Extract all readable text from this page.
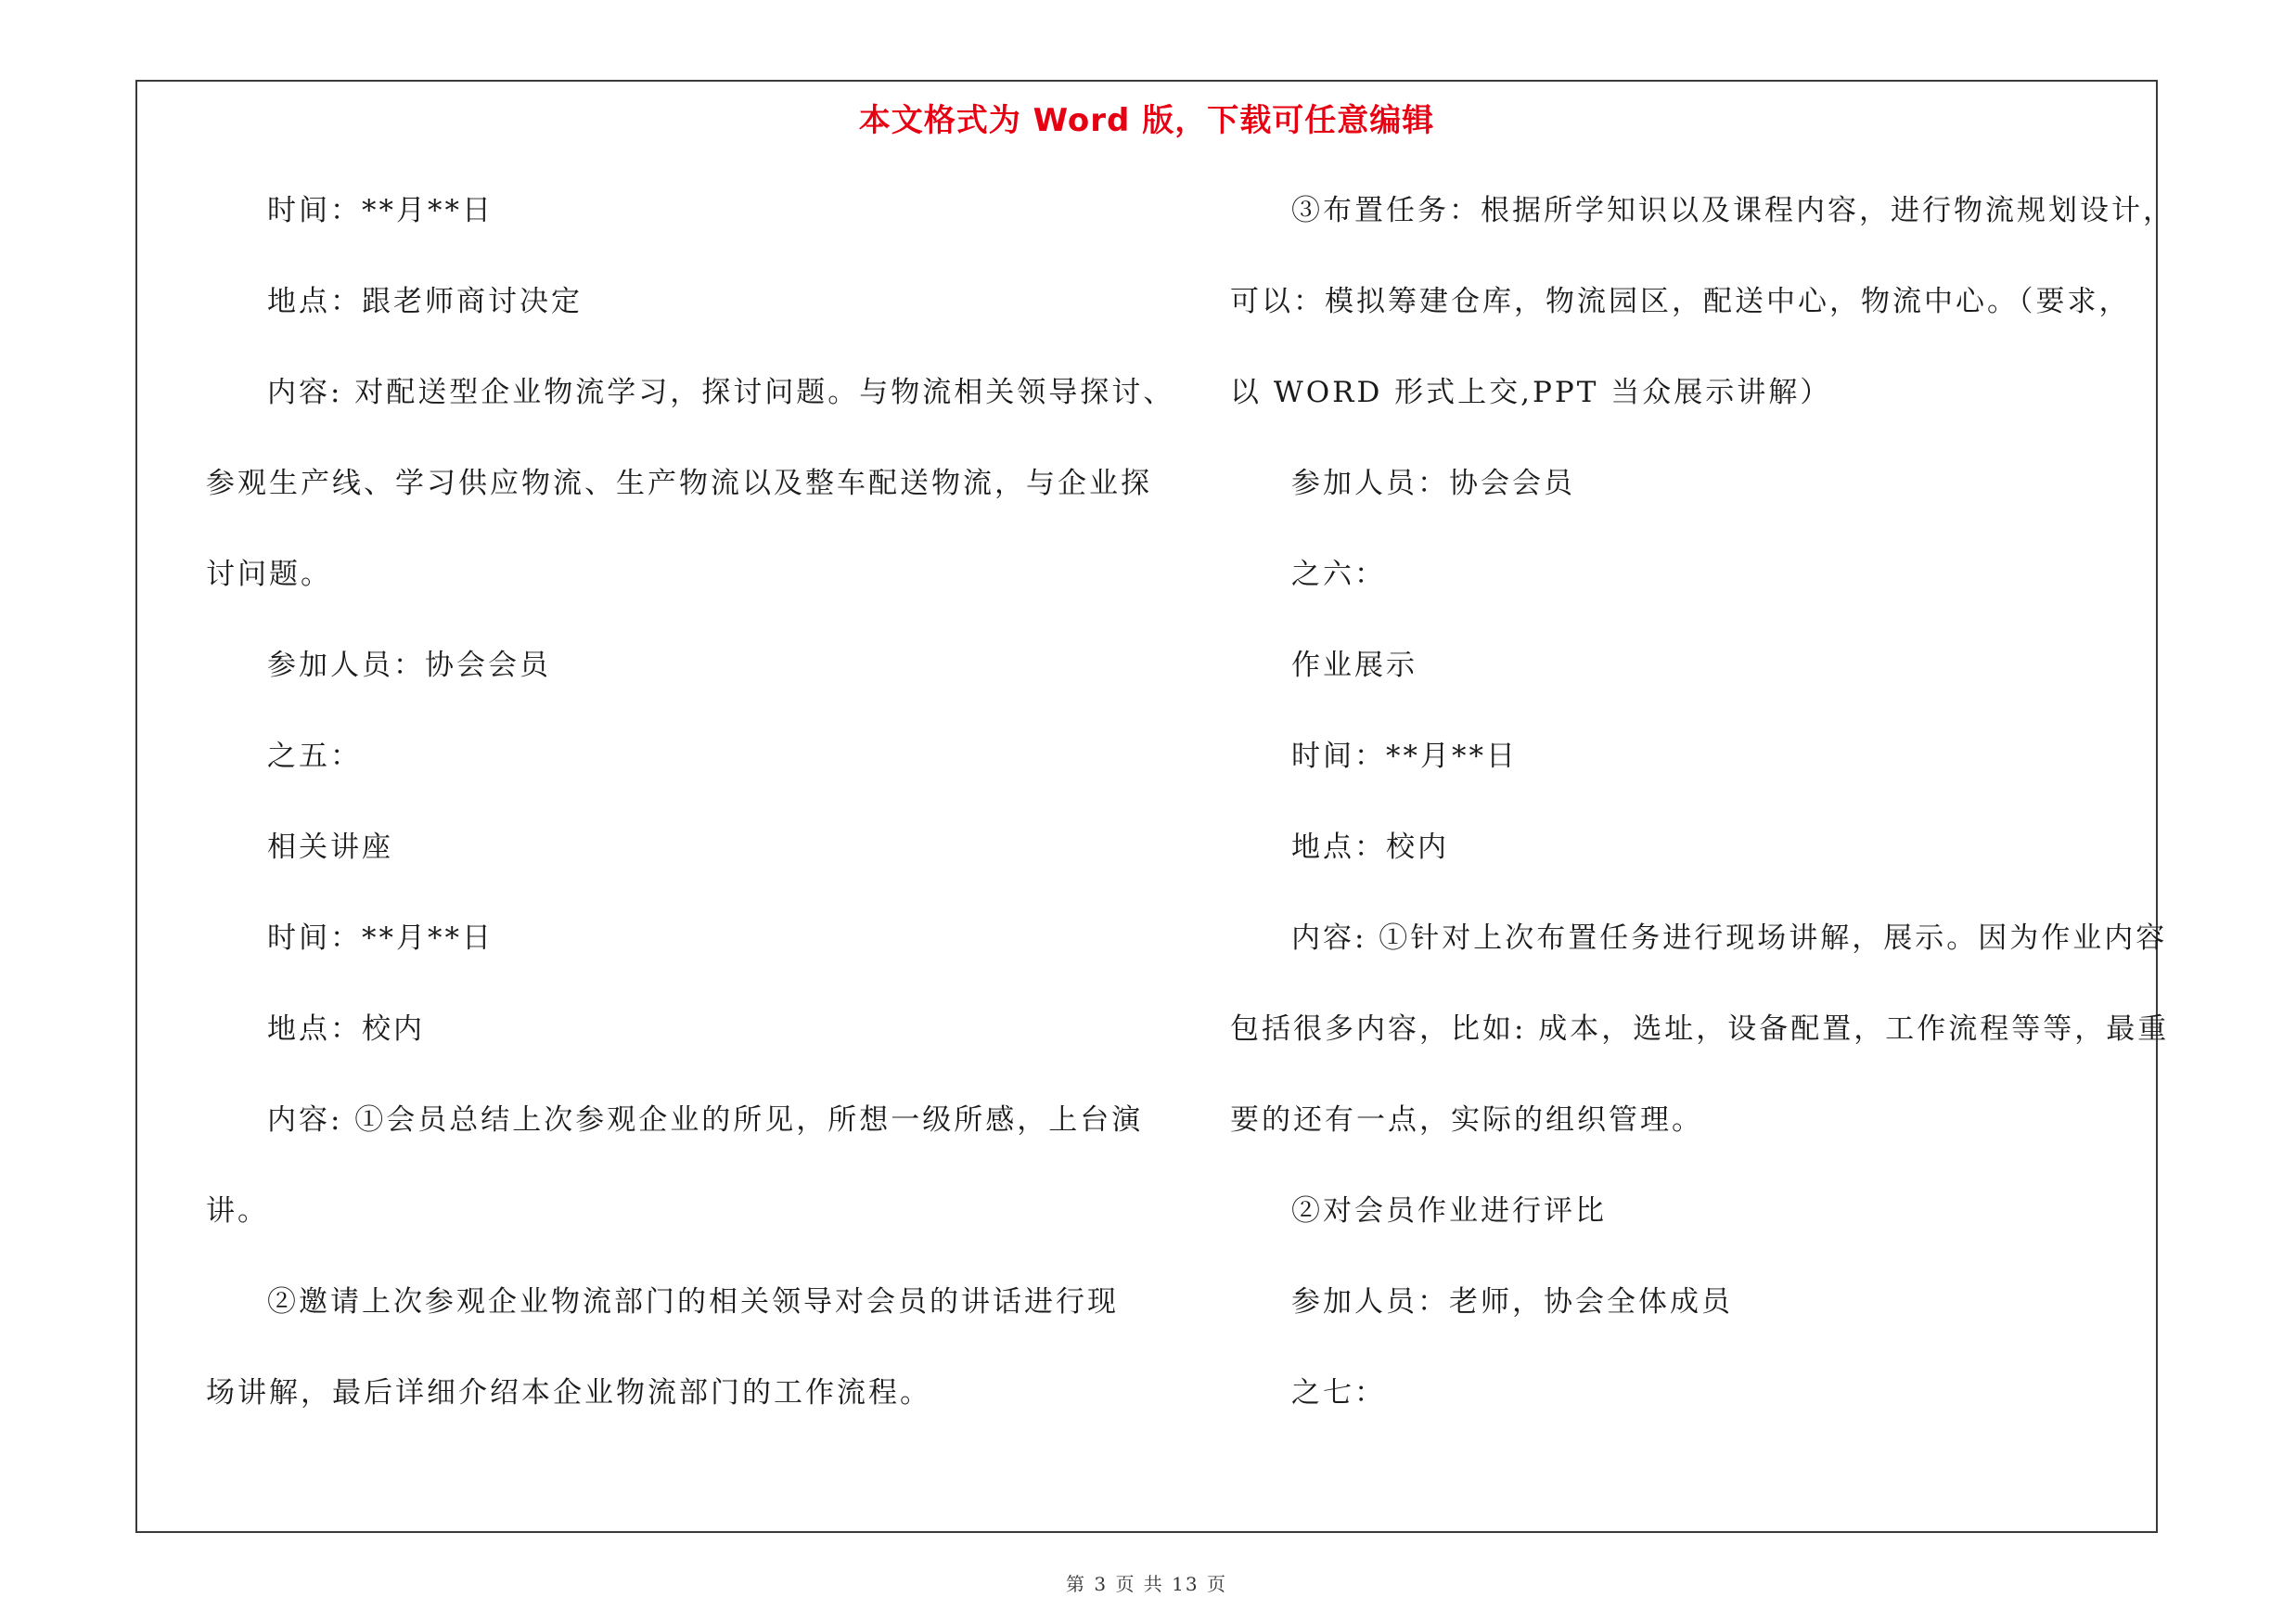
本文格式为 Word 版，下载可任意编辑
第 3 页 共 13 页
时间：**月**日
地点：跟老师商讨决定
内容: 对配送型企业物流学习，探讨问题。与物流相关领导探讨、
参观生产线、学习供应物流、生产物流以及整车配送物流，与企业探
讨问题。
参加人员：协会会员
之五：
相关讲座
时间：**月**日
地点：校内
内容: ①会员总结上次参观企业的所见，所想一级所感，上台演
讲。
②邀请上次参观企业物流部门的相关领导对会员的讲话进行现
场讲解，最后详细介绍本企业物流部门的工作流程。
③布置任务：根据所学知识以及课程内容，进行物流规划设计，
可以：模拟筹建仓库，物流园区，配送中心，物流中心。（要求，
以 WORD 形式上交,PPT 当众展示讲解）
参加人员：协会会员
之六：
作业展示
时间：**月**日
地点：校内
内容: ①针对上次布置任务进行现场讲解，展示。因为作业内容
包括很多内容，比如: 成本，选址，设备配置，工作流程等等，最重
要的还有一点，实际的组织管理。
②对会员作业进行评比
参加人员：老师，协会全体成员
之七：
